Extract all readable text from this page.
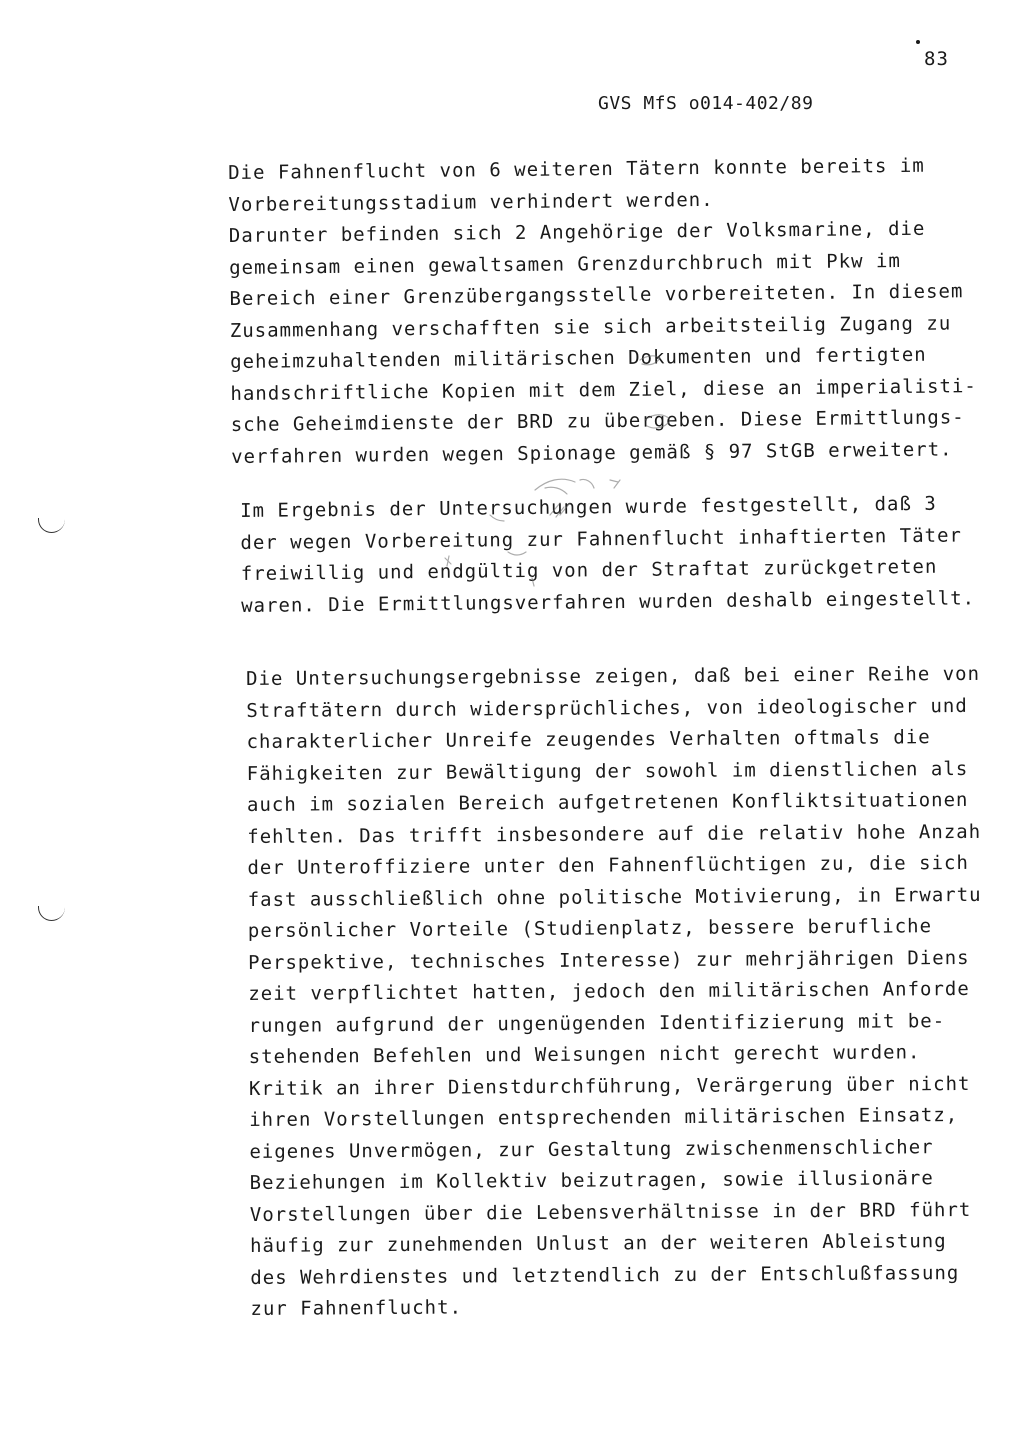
83
GVS MfS o014-402/89
Die Fahnenflucht von 6 weiteren Tätern konnte bereits im
Vorbereitungsstadium verhindert werden.
Darunter befinden sich 2 Angehörige der Volksmarine, die
gemeinsam einen gewaltsamen Grenzdurchbruch mit Pkw im
Bereich einer Grenzübergangsstelle vorbereiteten. In diesem
Zusammenhang verschafften sie sich arbeitsteilig Zugang zu
geheimzuhaltenden militärischen Dokumenten und fertigten
handschriftliche Kopien mit dem Ziel, diese an imperialisti-
sche Geheimdienste der BRD zu übergeben. Diese Ermittlungs-
verfahren wurden wegen Spionage gemäß § 97 StGB erweitert.
Im Ergebnis der Untersuchungen wurde festgestellt, daß 3
der wegen Vorbereitung zur Fahnenflucht inhaftierten Täter
freiwillig und endgültig von der Straftat zurückgetreten
waren. Die Ermittlungsverfahren wurden deshalb eingestellt.
Die Untersuchungsergebnisse zeigen, daß bei einer Reihe von
Straftätern durch widersprüchliches, von ideologischer und
charakterlicher Unreife zeugendes Verhalten oftmals die
Fähigkeiten zur Bewältigung der sowohl im dienstlichen als
auch im sozialen Bereich aufgetretenen Konfliktsituationen
fehlten. Das trifft insbesondere auf die relativ hohe Anzah
der Unteroffiziere unter den Fahnenflüchtigen zu, die sich
fast ausschließlich ohne politische Motivierung, in Erwartu
persönlicher Vorteile (Studienplatz, bessere berufliche
Perspektive, technisches Interesse) zur mehrjährigen Diens
zeit verpflichtet hatten, jedoch den militärischen Anforde
rungen aufgrund der ungenügenden Identifizierung mit be-
stehenden Befehlen und Weisungen nicht gerecht wurden.
Kritik an ihrer Dienstdurchführung, Verärgerung über nicht
ihren Vorstellungen entsprechenden militärischen Einsatz,
eigenes Unvermögen, zur Gestaltung zwischenmenschlicher
Beziehungen im Kollektiv beizutragen, sowie illusionäre
Vorstellungen über die Lebensverhältnisse in der BRD führt
häufig zur zunehmenden Unlust an der weiteren Ableistung
des Wehrdienstes und letztendlich zu der Entschlußfassung
zur Fahnenflucht.
